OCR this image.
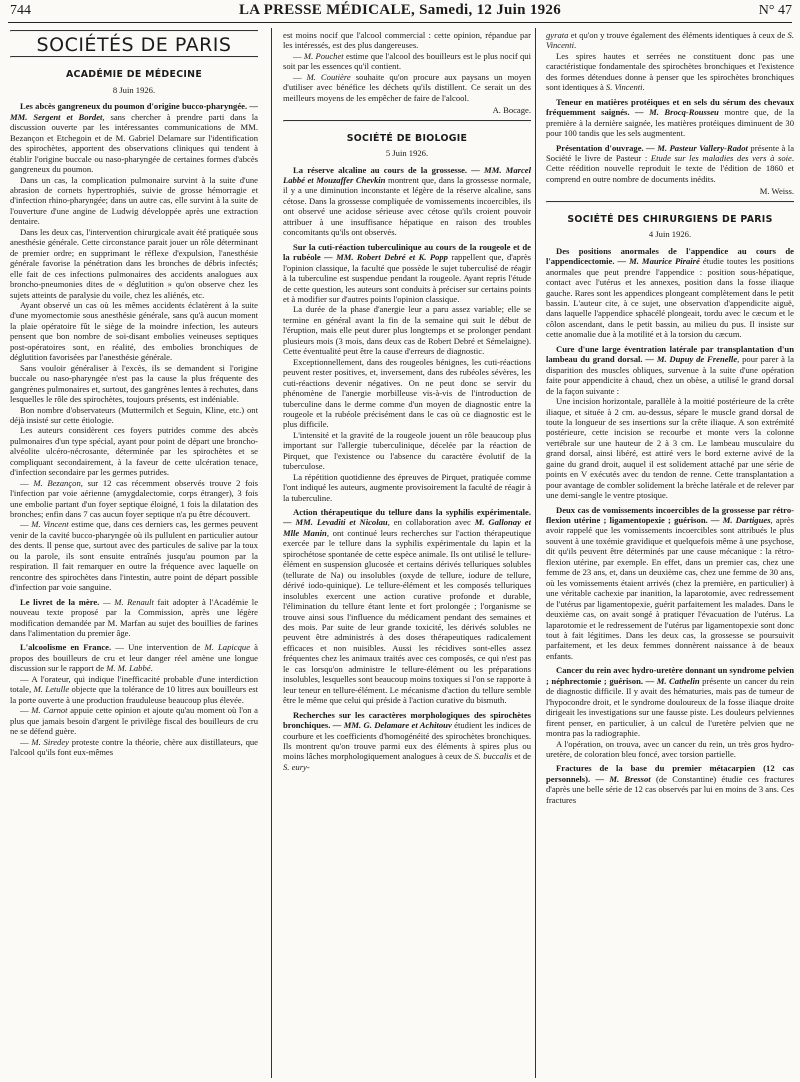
744	LA PRESSE MÉDICALE, Samedi, 12 Juin 1926	N° 47
SOCIÉTÉS DE PARIS
ACADÉMIE DE MÉDECINE
8 Juin 1926.

Les abcès gangreneux du poumon d'origine bucco-pharyngée. — MM. Sergent et Bordet, sans chercher à prendre parti dans la discussion ouverte par les intéressantes communications de MM. Bezançon et Etchegoin et de M. Gabriel Delamare sur l'identification des spirochètes, apportent des observations cliniques qui tendent à établir l'origine buccale ou naso-pharyngée de certaines formes d'abcès gangreneux du poumon.

Dans un cas, la complication pulmonaire survint à la suite d'une abrasion de cornets hypertrophiés, suivie de grosse hémorragie et d'infection rhino-pharyngée; dans un autre cas, elle survint à la suite de l'ouverture d'une angine de Ludwig développée après une extraction dentaire.

Dans les deux cas, l'intervention chirurgicale avait été pratiquée sous anesthésie générale. Cette circonstance parait jouer un rôle déterminant de premier ordre; en supprimant le réflexe d'expulsion, l'anesthésie générale favorise la pénétration dans les bronches de débris infectés; elle fait de ces infections pulmonaires des accidents analogues aux broncho-pneumonies dites de « déglutition » qu'on observe chez les sujets atteints de paralysie du voile, chez les aliénés, etc.

Ayant observé un cas où les mêmes accidents éclatèrent à la suite d'une myomectomie sous anesthésie générale, sans qu'à aucun moment la plaie opératoire fût le siège de la moindre infection, les auteurs pensent que bon nombre de soi-disant embolies veineuses septiques post-opératoires sont, en réalité, des embolies bronchiques de déglutition favorisées par l'anesthésie générale.

Sans vouloir généraliser à l'excès, ils se demandent si l'origine buccale ou naso-pharyngée n'est pas la cause la plus fréquente des gangrènes pulmonaires et, surtout, des gangrènes lentes à rechutes, dans lesquelles le rôle des spirochètes, toujours présents, est indéniable.

Bon nombre d'observateurs (Muttermilch et Seguin, Kline, etc.) ont déjà insisté sur cette étiologie.

Les auteurs considèrent ces foyers putrides comme des abcès pulmonaires d'un type spécial, ayant pour point de départ une broncho-alvéolite ulcéro-nécrosante, déterminée par les spirochètes et se compliquant secondairement, à la faveur de cette ulcération tenace, d'infection secondaire par les germes putrides.

— M. Bezançon, sur 12 cas récemment observés trouve 2 fois l'infection par voie aérienne (amygdalectomie, corps étranger), 3 fois une embolie partant d'un foyer septique éloigné, 1 fois la dilatation des bronches; enfin dans 7 cas aucun foyer septique n'a pu être découvert.

— M. Vincent estime que, dans ces derniers cas, les germes peuvent venir de la cavité bucco-pharyngée où ils pullulent en particulier autour des dents. Il pense que, surtout avec des particules de salive par la toux ou la parole, ils sont ensuite entraînés jusqu'au poumon par la respiration. Il fait remarquer en outre la fréquence avec laquelle on rencontre des spirochètes dans l'intestin, autre point de départ possible d'infection par voie sanguine.

Le livret de la mère. — M. Renault fait adopter à l'Académie le nouveau texte proposé par la Commission, après une légère modification demandée par M. Marfan au sujet des bouillies de farines dans l'alimentation du premier âge.

L'alcoolisme en France. — Une intervention de M. Lapicque à propos des bouilleurs de cru et leur danger réel amène une longue discussion sur le rapport de M. M. Labbé.

— A l'orateur, qui indique l'inefficacité probable d'une interdiction totale, M. Letulle objecte que la tolérance de 10 litres aux bouilleurs est la porte ouverte à une production frauduleuse beaucoup plus élevée.

— M. Carnot appuie cette opinion et ajoute qu'au moment où l'on a plus que jamais besoin d'argent le privilège fiscal des bouilleurs de cru ne se défend guère.

— M. Siredey proteste contre la théorie, chère aux distillateurs, que l'alcool qu'ils font eux-mêmes

est moins nocif que l'alcool commercial : cette opinion, répandue par les intéressés, est des plus dangereuses.

— M. Pouchet estime que l'alcool des bouilleurs est le plus nocif qui soit par les essences qu'il contient.

— M. Coutière souhaite qu'on procure aux paysans un moyen d'utiliser avec bénéfice les déchets qu'ils distillent. Ce serait un des meilleurs moyens de les empêcher de faire de l'alcool.

A. Bocage.

SOCIÉTÉ DE BIOLOGIE
5 Juin 1926.

La réserve alcaline au cours de la grossesse. — MM. Marcel Labbé et Mouzaffer Chevkin montrent que, dans la grossesse normale, il y a une diminution inconstante et légère de la réserve alcaline, sans cétose. Dans la grossesse compliquée de vomissements incoercibles, ils ont observé une acidose sérieuse avec cétose qu'ils croient pouvoir attribuer à une insuffisance hépatique en raison des troubles concomitants qu'ils ont observés.

Sur la cuti-réaction tuberculinique au cours de la rougeole et de la rubéole — MM. Robert Debré et K. Popp rappellent que, d'après l'opinion classique, la faculté que possède le sujet tuberculisé de réagir à la tuberculine est suspendue pendant la rougeole. Ayant repris l'étude de cette question, les auteurs sont conduits à préciser sur certains points et à modifier sur d'autres points l'opinion classique.

La durée de la phase d'anergie leur a paru assez variable; elle se termine en général avant la fin de la semaine qui suit le début de l'éruption, mais elle peut durer plus longtemps et se prolonger pendant plusieurs mois (3 mois, dans deux cas de Robert Debré et Sémelaigne). Cette éventualité peut être la cause d'erreurs de diagnostic.

Exceptionnellement, dans des rougeoles bénignes, les cuti-réactions peuvent rester positives, et, inversement, dans des rubéoles sévères, les cuti-réactions devenir négatives. On ne peut donc se servir du phénomène de l'anergie morbilleuse vis-à-vis de l'introduction de tuberculine dans le derme comme d'un moyen de diagnostic entre la rougeole et la rubéole précisément dans le cas où ce diagnostic est le plus difficile.

L'intensité et la gravité de la rougeole jouent un rôle beaucoup plus important sur l'allergie tuberculinique, décelée par la réaction de Pirquet, que l'existence ou l'absence du caractère évolutif de la tuberculose.

La répétition quotidienne des épreuves de Pirquet, pratiquée comme l'ont indiqué les auteurs, augmente provisoirement la faculté de réagir à la tuberculine.

Action thérapeutique du tellure dans la syphilis expérimentale. — MM. Levaditi et Nicolau, en collaboration avec M. Gallonay et Mlle Manin, ont continué leurs recherches sur l'action thérapeutique exercée par le tellure dans la syphilis expérimentale du lapin et la spirochétose spontanée de cette espèce animale. Ils ont utilisé le tellure-élément en suspension glucosée et certains dérivés telluriques solubles (tellurate de Na) ou insolubles (oxyde de tellure, iodure de tellure, dérivé iodo-quinique). Le tellure-élément et les composés telluriques insolubles exercent une action curative profonde et durable, l'élimination du tellure étant lente et fort prolongée ; l'organisme se trouve ainsi sous l'influence du médicament pendant des semaines et des mois. Par suite de leur grande toxicité, les dérivés solubles ne peuvent être administrés à des doses thérapeutiques radicalement efficaces et non nuisibles. Aussi les récidives sont-elles assez fréquentes chez les animaux traités avec ces composés, ce qui n'est pas le cas lorsqu'on administre le tellure-élément ou les préparations insolubles, lesquelles sont beaucoup moins toxiques si l'on se rapporte à leur teneur en tellure-élément. Le mécanisme d'action du tellure semble être le même que celui qui préside à l'action curative du bismuth.

Recherches sur les caractères morphologiques des spirochètes bronchiques. — MM. G. Delamare et Achitouv étudient les indices de courbure et les coefficients d'homogénéité des spirochètes bronchiques. Ils montrent qu'on trouve parmi eux des éléments à spires plus ou moins lâches morphologiquement analogues à ceux de S. buccalis et de S. eury-

gyrata et qu'on y trouve également des éléments identiques à ceux de S. Vincenti.

Les spires hautes et serrées ne constituent donc pas une caractéristique fondamentale des spirochètes bronchiques et l'existence des formes détendues donne à penser que les spirochètes bronchiques sont identiques à S. Vincenti.

Teneur en matières protéiques et en sels du sérum des chevaux fréquemment saignés. — M. Brocq-Rousseu montre que, de la première à la dernière saignée, les matières protéiques diminuent de 30 pour 100 tandis que les sels augmentent.

Présentation d'ouvrage. — M. Pasteur Vallery-Radot présente à la Société le livre de Pasteur : Etude sur les maladies des vers à soie. Cette réédition nouvelle reproduit le texte de l'édition de 1860 et comprend en outre nombre de documents inédits.

M. Weiss.

SOCIÉTÉ DES CHIRURGIENS DE PARIS
4 Juin 1926.

Des positions anormales de l'appendice au cours de l'appendicectomie. — M. Maurice Pirairé étudie toutes les positions anormales que peut prendre l'appendice : position sous-hépatique, contact avec l'utérus et les annexes, position dans la fosse iliaque gauche. Rares sont les appendices plongeant complètement dans le petit bassin. L'auteur cite, à ce sujet, une observation d'appendicite aiguë, dans laquelle l'appendice sphacélé plongeait, tordu avec le cæcum et le côlon ascendant, dans le petit bassin, au milieu du pus. Il insiste sur cette anomalie due à la motilité et à la torsion du cæcum.

Cure d'une large éventration latérale par transplantation d'un lambeau du grand dorsal. — M. Dupuy de Frenelle, pour parer à la disparition des muscles obliques, survenue à la suite d'une opération faite pour appendicite à chaud, chez un obèse, a utilisé le grand dorsal de la façon suivante :

Une incision horizontale, parallèle à la moitié postérieure de la crête iliaque, et située à 2 cm. au-dessus, sépare le muscle grand dorsal de toute la longueur de ses insertions sur la crête iliaque. A son extrémité postérieure, cette incision se recourbe et monte vers la colonne vertébrale sur une hauteur de 2 à 3 cm. Le lambeau musculaire du grand dorsal, ainsi libéré, est attiré vers le bord externe avivé de la gaine du grand droit, auquel il est solidement attaché par une série de points en V exécutés avec du tendon de renne. Cette transplantation a pour avantage de combler solidement la brèche latérale et de relever par une demi-sangle le ventre ptosique.

Deux cas de vomissements incoercibles de la grossesse par rétro-flexion utérine ; ligamentopexie ; guérison. — M. Dartigues, après avoir rappelé que les vomissements incoercibles sont attribués le plus souvent à une toxémie gravidique et quelquefois même à une psychose, dit qu'ils peuvent être déterminés par une cause mécanique : la rétro-flexion utérine, par exemple. En effet, dans un premier cas, chez une femme de 23 ans, et, dans un deuxième cas, chez une femme de 30 ans, où les vomissements étaient arrivés (chez la première, en particulier) à une véritable cachexie par inanition, la laparotomie, avec redressement de l'utérus par ligamentopexie, guérit parfaitement les malades. Dans le deuxième cas, on avait songé à pratiquer l'évacuation de l'utérus. La laparotomie et le redressement de l'utérus par ligamentopexie sont donc tout à fait légitimes. Dans les deux cas, la grossesse se poursuivit parfaitement, et les deux femmes donnèrent naissance à de beaux enfants.

Cancer du rein avec hydro-uretère donnant un syndrome pelvien ; néphrectomie ; guérison. — M. Cathelin présente un cancer du rein de diagnostic difficile. Il y avait des hématuries, mais pas de tumeur de l'hypocondre droit, et le syndrome douloureux de la fosse iliaque droite dirigeait les investigations sur une fausse piste. Les douleurs pelviennes firent penser, en particulier, à un calcul de l'uretère pelvien que ne montra pas la radiographie.

A l'opération, on trouva, avec un cancer du rein, un très gros hydro-uretère, de coloration bleu foncé, avec torsion partielle.

Fractures de la base du premier métacarpien (12 cas personnels). — M. Bressot (de Constantine) étudie ces fractures d'après une belle série de 12 cas observés par lui en moins de 3 ans. Ces fractures
